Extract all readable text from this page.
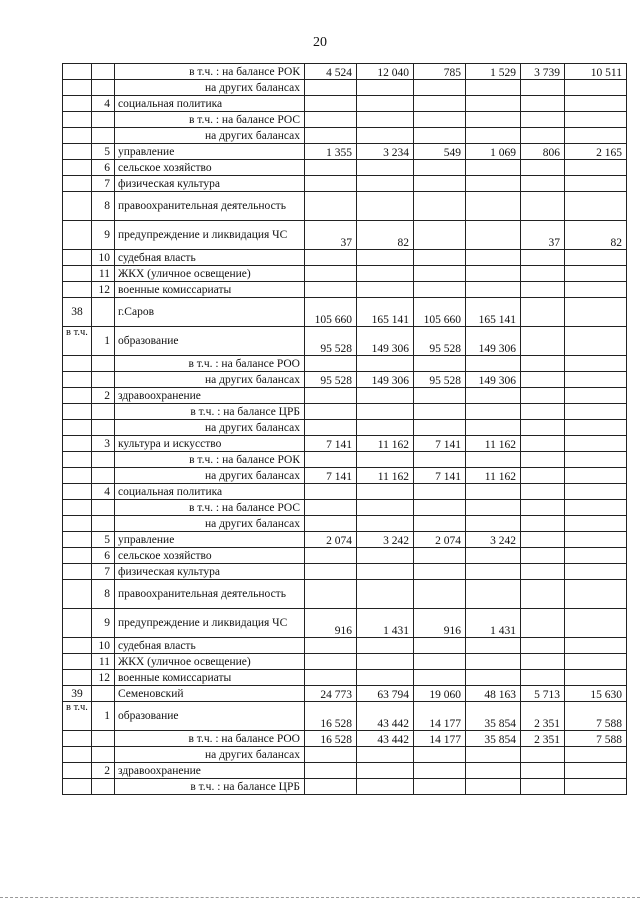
20
		в т.ч. : на балансе РОК	4 524	12 040	785	1 529	3 739	10 511
		на других балансах						
	4	социальная политика						
		в т.ч. : на балансе РОС						
		на других балансах						
	5	управление	1 355	3 234	549	1 069	806	2 165
	6	сельское хозяйство						
	7	физическая культура						
	8	правоохранительная деятельность						
	9	предупреждение и ликвидация ЧС	37	82			37	82
	10	судебная власть						
	11	ЖКХ (уличное освещение)						
	12	военные комиссариаты						
38		г.Саров	105 660	165 141	105 660	165 141		
в т.ч.	1	образование	95 528	149 306	95 528	149 306		
		в т.ч. : на балансе РОО						
		на других балансах	95 528	149 306	95 528	149 306		
	2	здравоохранение						
		в т.ч. : на балансе ЦРБ						
		на других балансах						
	3	культура и искусство	7 141	11 162	7 141	11 162		
		в т.ч. : на балансе РОК						
		на других балансах	7 141	11 162	7 141	11 162		
	4	социальная политика						
		в т.ч. : на балансе РОС						
		на других балансах						
	5	управление	2 074	3 242	2 074	3 242		
	6	сельское хозяйство						
	7	физическая культура						
	8	правоохранительная деятельность						
	9	предупреждение и ликвидация ЧС	916	1 431	916	1 431		
	10	судебная власть						
	11	ЖКХ (уличное освещение)						
	12	военные комиссариаты						
39		Семеновский	24 773	63 794	19 060	48 163	5 713	15 630
в т.ч.	1	образование	16 528	43 442	14 177	35 854	2 351	7 588
		в т.ч. : на балансе РОО	16 528	43 442	14 177	35 854	2 351	7 588
		на других балансах						
	2	здравоохранение						
		в т.ч. : на балансе ЦРБ						
